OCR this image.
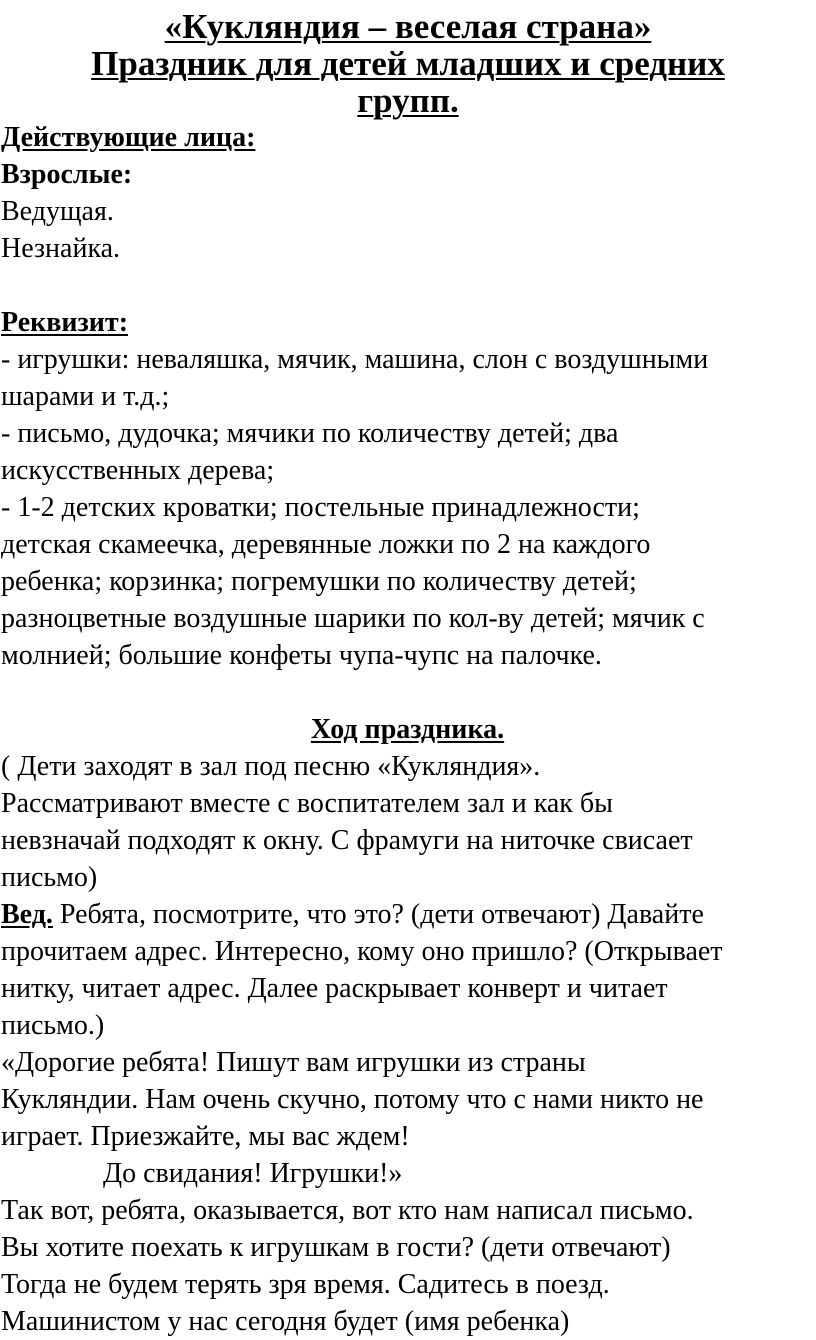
«Кукляндия – веселая страна»
Праздник для детей младших и средних
групп.
Действующие лица:
Взрослые:
Ведущая.
Незнайка.
Реквизит:
- игрушки: неваляшка, мячик, машина, слон с воздушными
шарами и т.д.;
- письмо, дудочка; мячики по количеству детей; два
искусственных дерева;
- 1-2 детских кроватки; постельные принадлежности;
детская скамеечка, деревянные ложки по 2 на каждого
ребенка; корзинка; погремушки по количеству детей;
разноцветные воздушные шарики по кол-ву детей; мячик с
молнией; большие конфеты чупа-чупс на палочке.
Ход праздника.
( Дети заходят в зал под песню «Кукляндия».
Рассматривают вместе с воспитателем зал и как бы
невзначай подходят к окну. С фрамуги на ниточке свисает
письмо)
Вед. Ребята, посмотрите, что это? (дети отвечают) Давайте
прочитаем адрес. Интересно, кому оно пришло? (Открывает
нитку, читает адрес. Далее раскрывает конверт и читает
письмо.)
«Дорогие ребята! Пишут вам игрушки из страны
Кукляндии. Нам очень скучно, потому что с нами никто не
играет. Приезжайте, мы вас ждем!
До свидания! Игрушки!»
Так вот, ребята, оказывается, вот кто нам написал письмо.
Вы хотите поехать к игрушкам в гости? (дети отвечают)
Тогда не будем терять зря время. Садитесь в поезд.
Машинистом у нас сегодня будет (имя ребенка)
